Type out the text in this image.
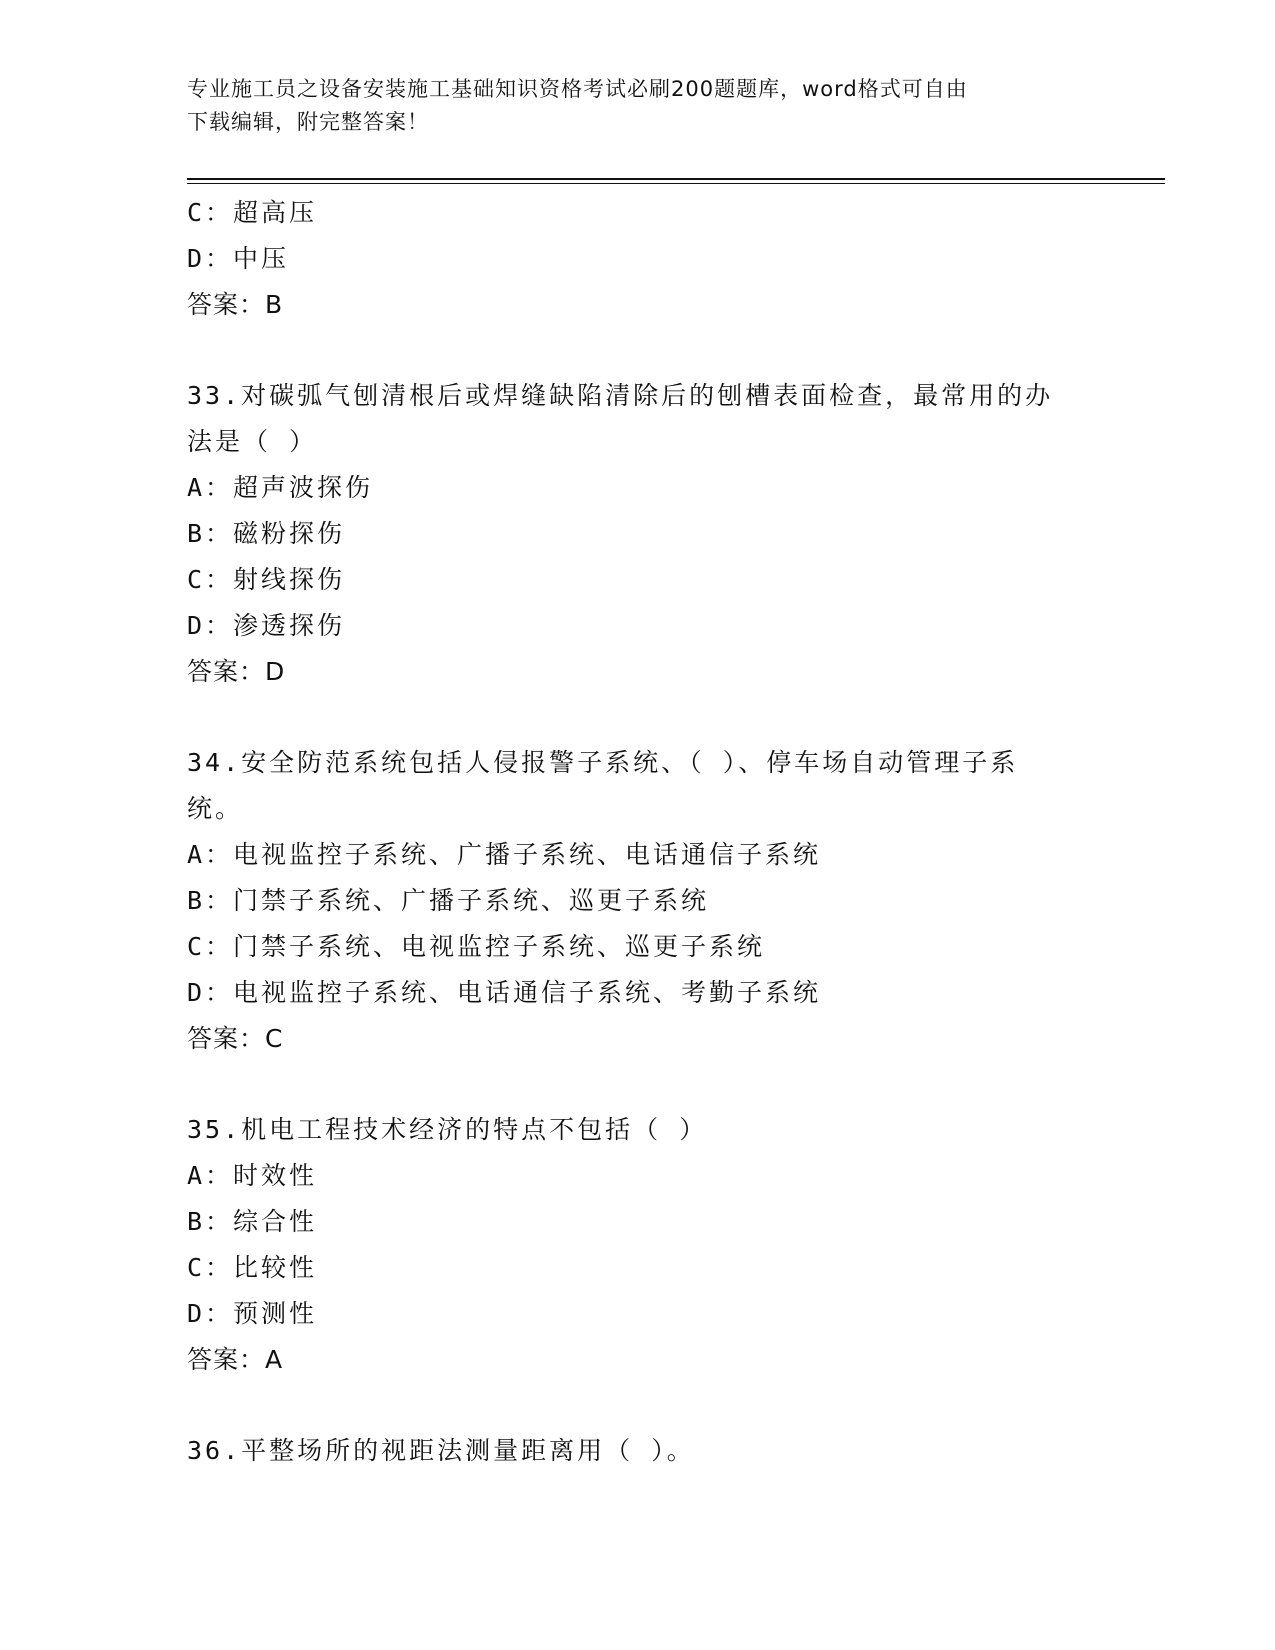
专业施工员之设备安装施工基础知识资格考试必刷200题题库，word格式可自由
下载编辑，附完整答案！
C：超高压
D：中压
答案：B
33.对碳弧气刨清根后或焊缝缺陷清除后的刨槽表面检查，最常用的办
法是（ ）
A：超声波探伤
B：磁粉探伤
C：射线探伤
D：渗透探伤
答案：D
34.安全防范系统包括人侵报警子系统、（ ）、停车场自动管理子系
统。
A：电视监控子系统、广播子系统、电话通信子系统
B：门禁子系统、广播子系统、巡更子系统
C：门禁子系统、电视监控子系统、巡更子系统
D：电视监控子系统、电话通信子系统、考勤子系统
答案：C
35.机电工程技术经济的特点不包括（ ）
A：时效性
B：综合性
C：比较性
D：预测性
答案：A
36.平整场所的视距法测量距离用（ ）。
